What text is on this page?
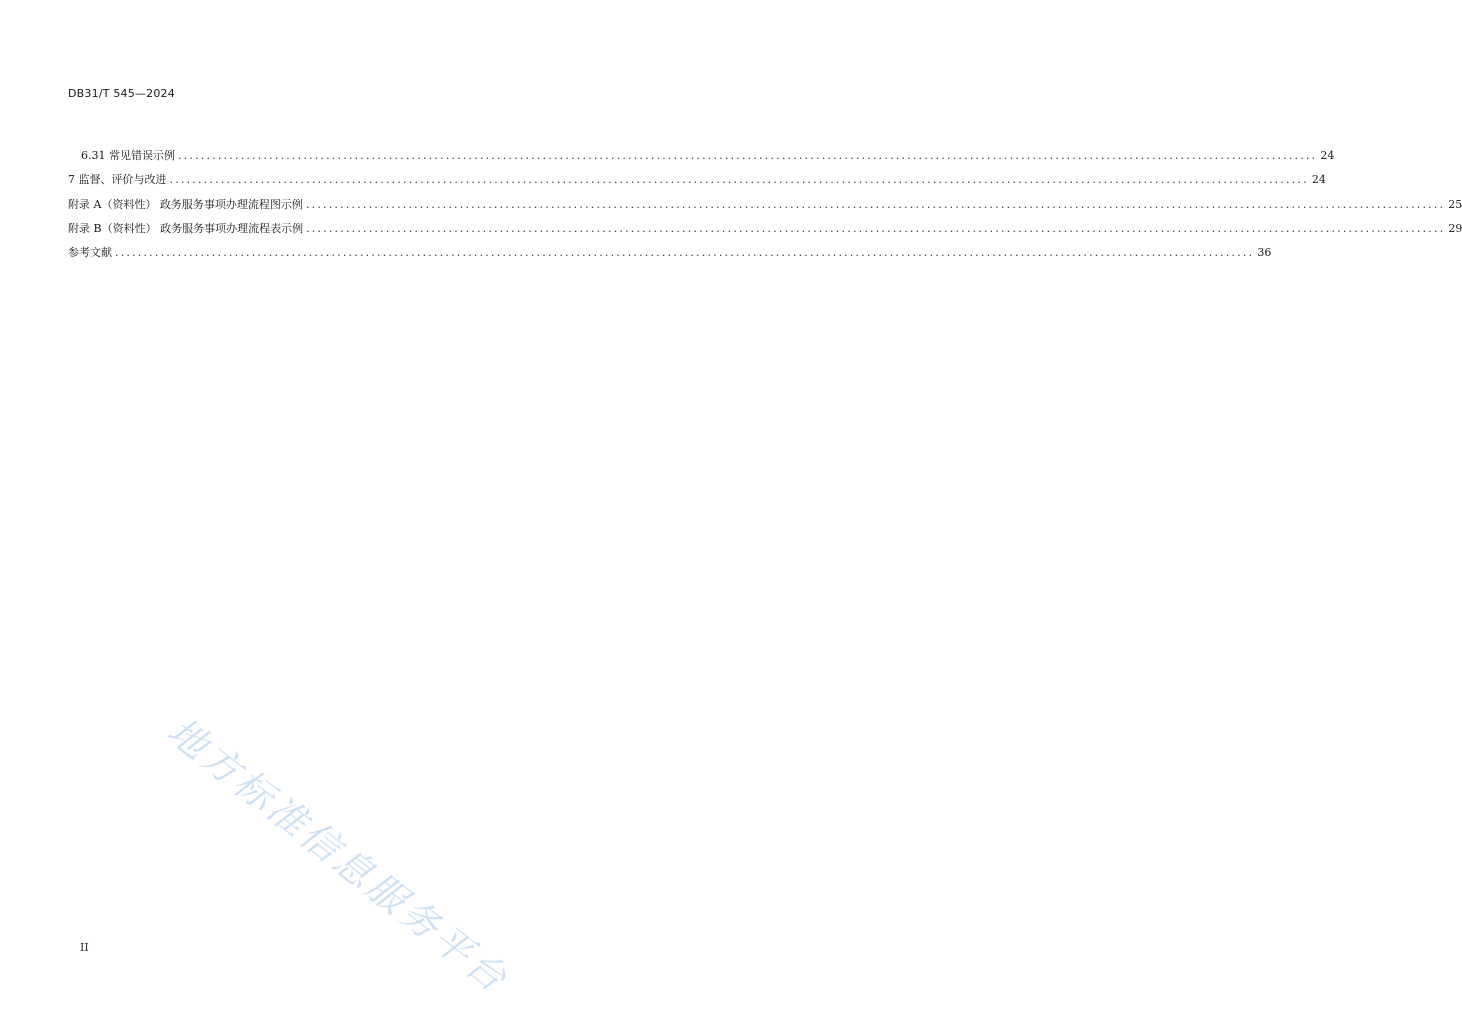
DB31/T 545—2024
6.31 常见错误示例 ........................................................................................................................................................................................................ 24
7 监督、评价与改进 ........................................................................................................................................................................................................ 24
附录 A（资料性） 政务服务事项办理流程图示例 ........................................................................................................................................................................................................ 25
附录 B（资料性） 政务服务事项办理流程表示例 ........................................................................................................................................................................................................ 29
参考文献 ........................................................................................................................................................................................................ 36
地方标准信息服务平台
II
